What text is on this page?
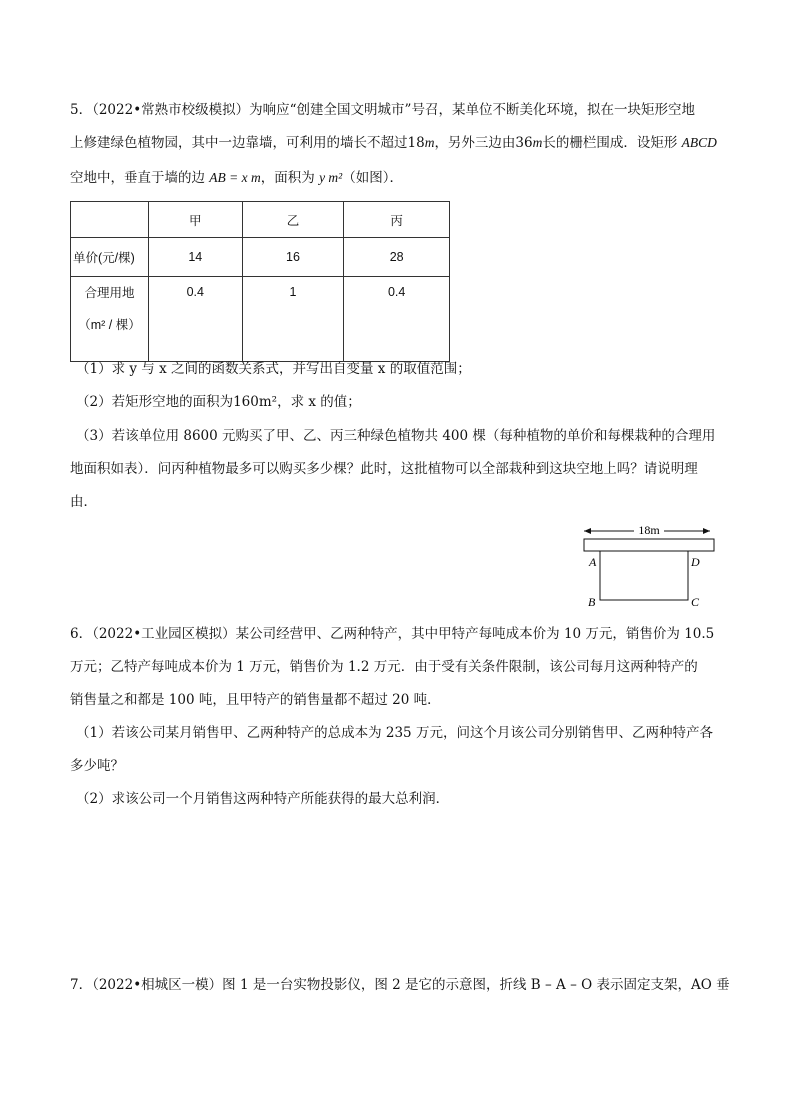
5．（2022•常熟市校级模拟）为响应“创建全国文明城市”号召，某单位不断美化环境，拟在一块矩形空地
上修建绿色植物园，其中一边靠墙，可利用的墙长不超过18m，另外三边由36m长的栅栏围成．设矩形 ABCD
空地中，垂直于墙的边 AB = x m，面积为 y m²（如图）．
	甲	乙	丙
单价(元/棵)	14	16	28

合理用地
（m² / 棵）	0.4	1	0.4
（1）求 y 与 x 之间的函数关系式，并写出自变量 x 的取值范围；
（2）若矩形空地的面积为160m²，求 x 的值；
（3）若该单位用 8600 元购买了甲、乙、丙三种绿色植物共 400 棵（每种植物的单价和每棵栽种的合理用
地面积如表）．问丙种植物最多可以购买多少棵？此时，这批植物可以全部栽种到这块空地上吗？请说明理
由．
18m
A	D
B	C
6．（2022•工业园区模拟）某公司经营甲、乙两种特产，其中甲特产每吨成本价为 10 万元，销售价为 10.5
万元；乙特产每吨成本价为 1 万元，销售价为 1.2 万元．由于受有关条件限制，该公司每月这两种特产的
销售量之和都是 100 吨，且甲特产的销售量都不超过 20 吨．
（1）若该公司某月销售甲、乙两种特产的总成本为 235 万元，问这个月该公司分别销售甲、乙两种特产各
多少吨？
（2）求该公司一个月销售这两种特产所能获得的最大总利润．
7．（2022•相城区一模）图 1 是一台实物投影仪，图 2 是它的示意图，折线 B – A – O 表示固定支架，AO 垂
